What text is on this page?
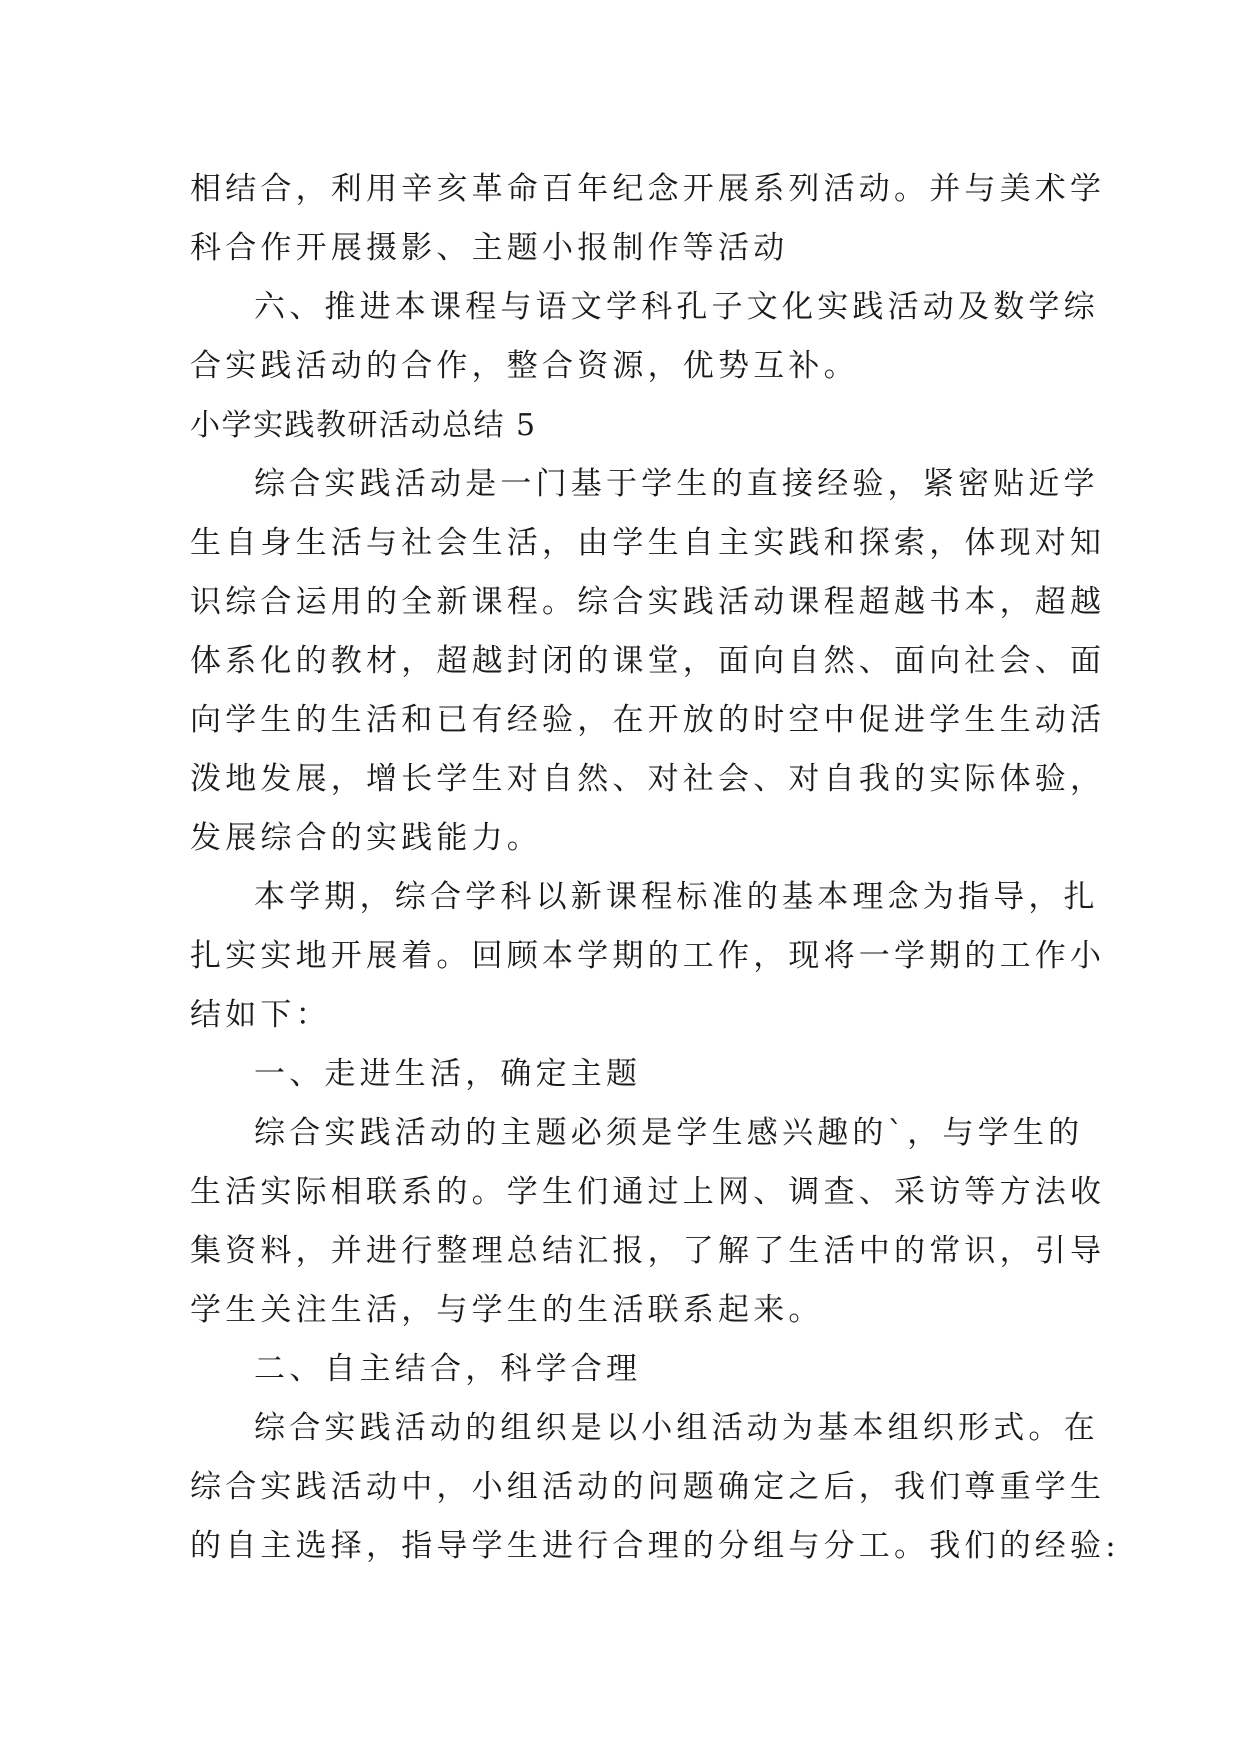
相结合，利用辛亥革命百年纪念开展系列活动。并与美术学
科合作开展摄影、主题小报制作等活动
六、推进本课程与语文学科孔子文化实践活动及数学综
合实践活动的合作，整合资源，优势互补。
小学实践教研活动总结 5
综合实践活动是一门基于学生的直接经验，紧密贴近学
生自身生活与社会生活，由学生自主实践和探索，体现对知
识综合运用的全新课程。综合实践活动课程超越书本，超越
体系化的教材，超越封闭的课堂，面向自然、面向社会、面
向学生的生活和已有经验，在开放的时空中促进学生生动活
泼地发展，增长学生对自然、对社会、对自我的实际体验，
发展综合的实践能力。
本学期，综合学科以新课程标准的基本理念为指导，扎
扎实实地开展着。回顾本学期的工作，现将一学期的工作小
结如下：
一、走进生活，确定主题
综合实践活动的主题必须是学生感兴趣的`，与学生的
生活实际相联系的。学生们通过上网、调查、采访等方法收
集资料，并进行整理总结汇报，了解了生活中的常识，引导
学生关注生活，与学生的生活联系起来。
二、自主结合，科学合理
综合实践活动的组织是以小组活动为基本组织形式。在
综合实践活动中，小组活动的问题确定之后，我们尊重学生
的自主选择，指导学生进行合理的分组与分工。我们的经验:
